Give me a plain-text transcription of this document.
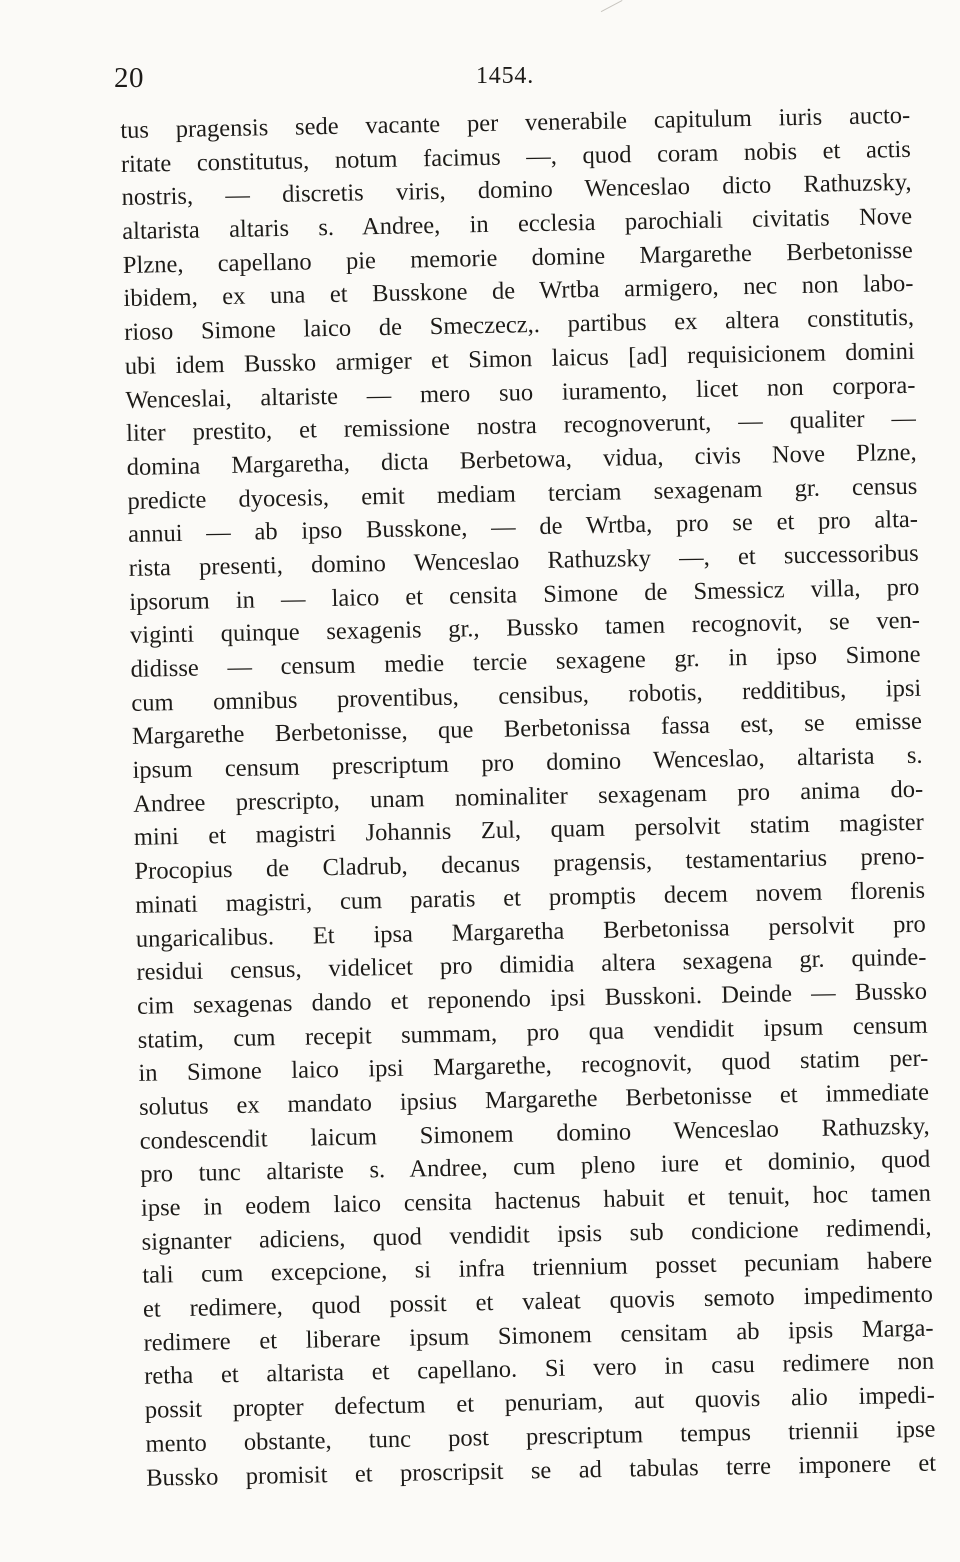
20	1454.
tus pragensis sede vacante per venerabile capitulum iuris aucto-
ritate constitutus, notum facimus —, quod coram nobis et actis
nostris, — discretis viris, domino Wenceslao dicto Rathuzsky,
altarista altaris s. Andree, in ecclesia parochiali civitatis Nove
Plzne, capellano pie memorie domine Margarethe Berbetonisse
ibidem, ex una et Busskone de Wrtba armigero, nec non labo-
rioso Simone laico de Smeczecz,. partibus ex altera constitutis,
ubi idem Bussko armiger et Simon laicus [ad] requisicionem domini
Wenceslai, altariste — mero suo iuramento, licet non corpora-
liter prestito, et remissione nostra recognoverunt, — qualiter —
domina Margaretha, dicta Berbetowa, vidua, civis Nove Plzne,
predicte dyocesis, emit mediam terciam sexagenam gr. census
annui — ab ipso Busskone, — de Wrtba, pro se et pro alta-
rista presenti, domino Wenceslao Rathuzsky —, et successoribus
ipsorum in — laico et censita Simone de Smessicz villa, pro
viginti quinque sexagenis gr., Bussko tamen recognovit, se ven-
didisse — censum medie tercie sexagene gr. in ipso Simone
cum omnibus proventibus, censibus, robotis, redditibus, ipsi
Margarethe Berbetonisse, que Berbetonissa fassa est, se emisse
ipsum censum prescriptum pro domino Wenceslao, altarista s.
Andree prescripto, unam nominaliter sexagenam pro anima do-
mini et magistri Johannis Zul, quam persolvit statim magister
Procopius de Cladrub, decanus pragensis, testamentarius preno-
minati magistri, cum paratis et promptis decem novem florenis
ungaricalibus. Et ipsa Margaretha Berbetonissa persolvit pro
residui census, videlicet pro dimidia altera sexagena gr. quinde-
cim sexagenas dando et reponendo ipsi Busskoni. Deinde — Bussko
statim, cum recepit summam, pro qua vendidit ipsum censum
in Simone laico ipsi Margarethe, recognovit, quod statim per-
solutus ex mandato ipsius Margarethe Berbetonisse et immediate
condescendit laicum Simonem domino Wenceslao Rathuzsky,
pro tunc altariste s. Andree, cum pleno iure et dominio, quod
ipse in eodem laico censita hactenus habuit et tenuit, hoc tamen
signanter adiciens, quod vendidit ipsis sub condicione redimendi,
tali cum excepcione, si infra triennium posset pecuniam habere
et redimere, quod possit et valeat quovis semoto impedimento
redimere et liberare ipsum Simonem censitam ab ipsis Marga-
retha et altarista et capellano. Si vero in casu redimere non
possit propter defectum et penuriam, aut quovis alio impedi-
mento obstante, tunc post prescriptum tempus triennii ipse
Bussko promisit et proscripsit se ad tabulas terre imponere et
